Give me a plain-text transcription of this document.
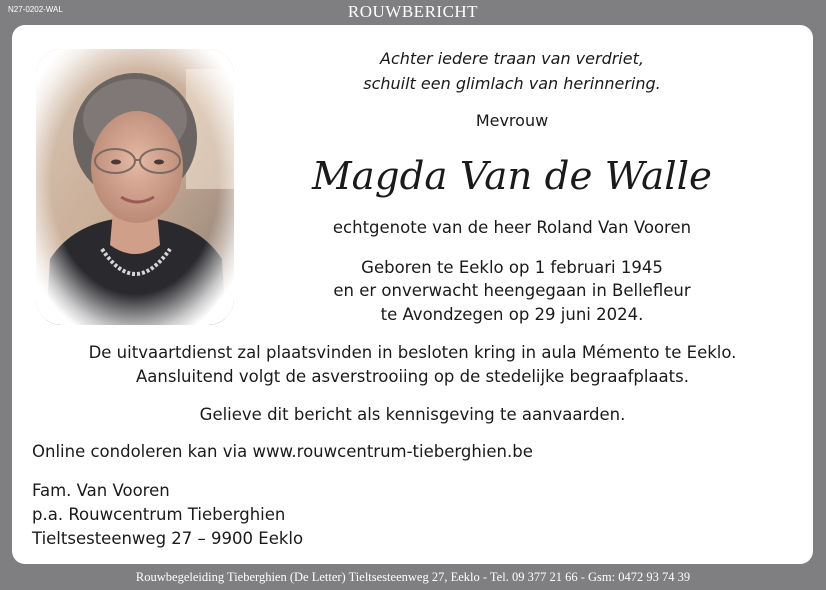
N27-0202-WAL	ROUWBERICHT
Achter iedere traan van verdriet,
schuilt een glimlach van herinnering.
Mevrouw
Magda Van de Walle
echtgenote van de heer Roland Van Vooren
Geboren te Eeklo op 1 februari 1945
en er onverwacht heengegaan in Bellefleur
te Avondzegen op 29 juni 2024.
De uitvaartdienst zal plaatsvinden in besloten kring in aula Mémento te Eeklo.
Aansluitend volgt de asverstrooiing op de stedelijke begraafplaats.
Gelieve dit bericht als kennisgeving te aanvaarden.
Online condoleren kan via www.rouwcentrum-tieberghien.be
Fam. Van Vooren
p.a. Rouwcentrum Tieberghien
Tieltsesteenweg 27 – 9900 Eeklo
Rouwbegeleiding Tieberghien (De Letter) Tieltsesteenweg 27, Eeklo - Tel. 09 377 21 66 - Gsm: 0472 93 74 39
